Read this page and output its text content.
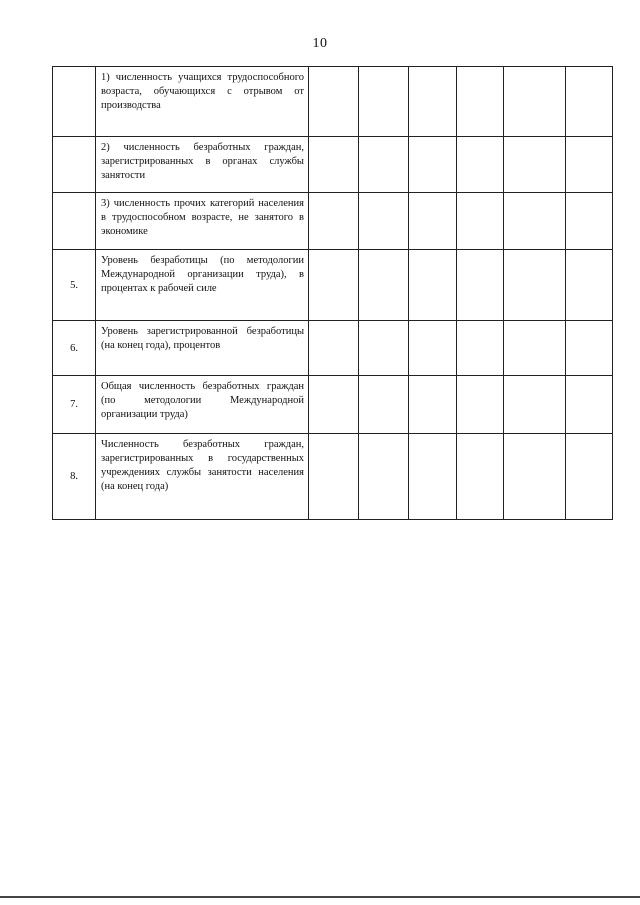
10
	1) численность учащихся трудоспособного возраста, обучающихся с отрывом от производства						
	2) численность безработных граждан, зарегистрированных в органах службы занятости						
	3) численность прочих категорий населения в трудоспособном возрасте, не занятого в экономике						
5.	Уровень безработицы (по методологии Международной организации труда), в процентах к рабочей силе						
6.	Уровень зарегистрированной безработицы (на конец года), процентов						
7.	Общая численность безработных граждан (по методологии Международной организации труда)						
8.	Численность безработных граждан, зарегистрированных в государственных учреждениях службы занятости населения (на конец года)						
